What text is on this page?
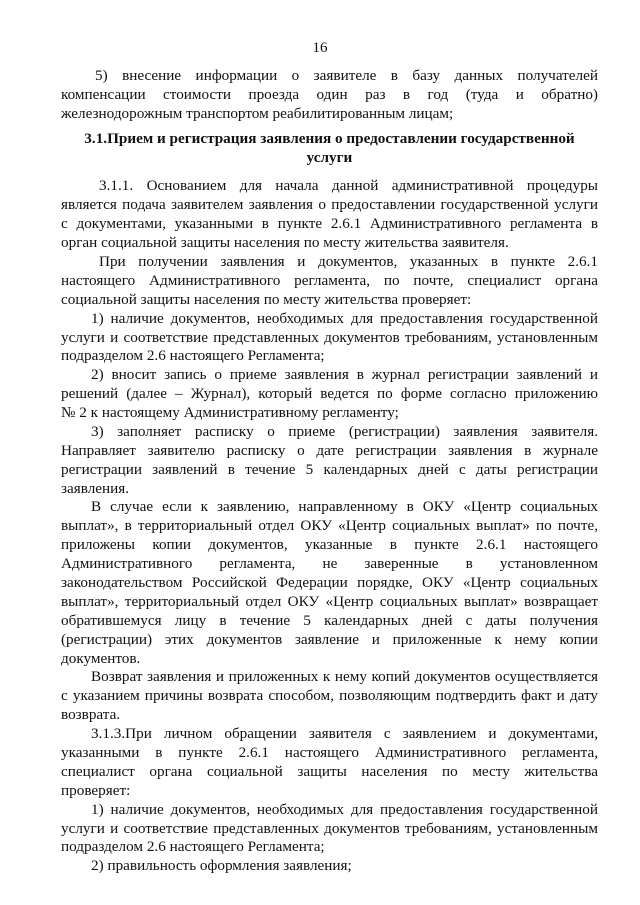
16
5) внесение информации о заявителе в базу данных получателей
компенсации стоимости проезда один раз в год (туда и обратно)
железнодорожным транспортом реабилитированным лицам;
3.1.Прием и регистрация заявления о предоставлении государственной
услуги
3.1.1. Основанием для начала данной административной процедуры
является подача заявителем заявления о предоставлении государственной услуги
с документами, указанными в пункте 2.6.1 Административного регламента в
орган социальной защиты населения по месту жительства заявителя.
При получении заявления и документов, указанных в пункте 2.6.1
настоящего Административного регламента, по почте, специалист органа
социальной защиты населения по месту жительства проверяет:
1) наличие документов, необходимых для предоставления государственной
услуги и соответствие представленных документов требованиям, установленным
подразделом 2.6 настоящего Регламента;
2) вносит запись о приеме заявления в журнал регистрации заявлений и
решений (далее – Журнал), который ведется по форме согласно приложению
№ 2 к настоящему Административному регламенту;
3) заполняет расписку о приеме (регистрации) заявления заявителя.
Направляет заявителю расписку о дате регистрации заявления в журнале
регистрации заявлений в течение 5 календарных дней с даты регистрации
заявления.
В случае если к заявлению, направленному в ОКУ «Центр социальных
выплат», в территориальный отдел ОКУ «Центр социальных выплат» по почте,
приложены копии документов, указанные в пункте 2.6.1 настоящего
Административного регламента, не заверенные в установленном
законодательством Российской Федерации порядке, ОКУ «Центр социальных
выплат», территориальный отдел ОКУ «Центр социальных выплат» возвращает
обратившемуся лицу в течение 5 календарных дней с даты получения
(регистрации) этих документов заявление и приложенные к нему копии
документов.
Возврат заявления и приложенных к нему копий документов осуществляется
с указанием причины возврата способом, позволяющим подтвердить факт и дату
возврата.
3.1.3.При личном обращении заявителя с заявлением и документами,
указанными в пункте 2.6.1 настоящего Административного регламента,
специалист органа социальной защиты населения по месту жительства
проверяет:
1) наличие документов, необходимых для предоставления государственной
услуги и соответствие представленных документов требованиям, установленным
подразделом 2.6 настоящего Регламента;
2) правильность оформления заявления;
